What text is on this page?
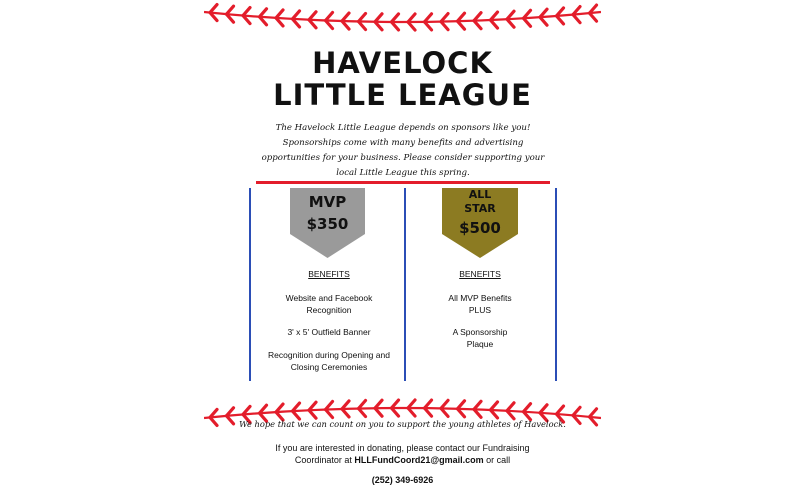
HAVELOCK
LITTLE LEAGUE

The Havelock Little League depends on sponsors like you! Sponsorships come with many benefits and advertising opportunities for your business. Please consider supporting your local Little League this spring.

MVP

$350

ALL STAR

$500

BENEFITS

Website and Facebook Recognition

3' x 5' Outfield Banner

Recognition during Opening and Closing Ceremonies

BENEFITS

All MVP Benefits PLUS

A Sponsorship Plaque

We hope that we can count on you to support the young athletes of Havelock.

If you are interested in donating, please contact our Fundraising Coordinator at HLLFundCoord21@gmail.com or call

(252) 349-6926
